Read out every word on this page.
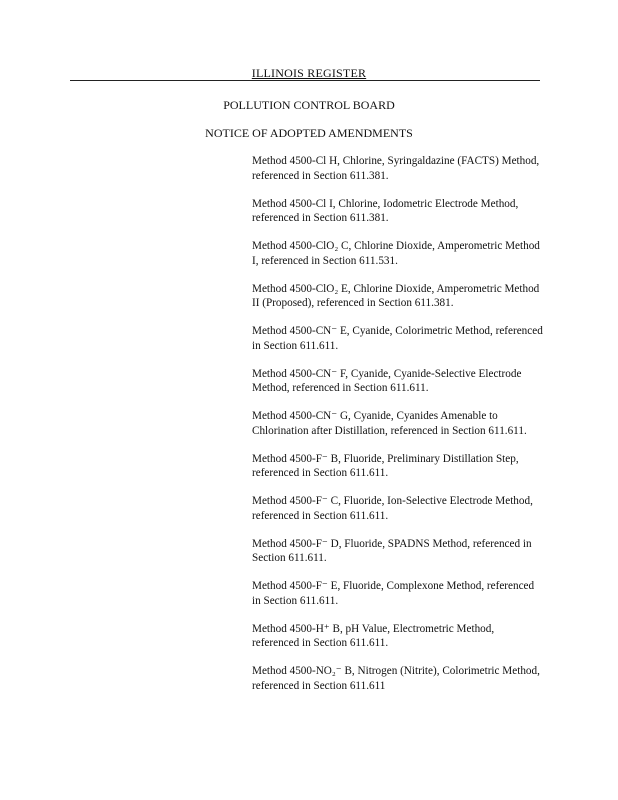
ILLINOIS REGISTER
POLLUTION CONTROL BOARD
NOTICE OF ADOPTED AMENDMENTS
Method 4500-Cl H, Chlorine, Syringaldazine (FACTS) Method, referenced in Section 611.381.
Method 4500-Cl I, Chlorine, Iodometric Electrode Method, referenced in Section 611.381.
Method 4500-ClO₂ C, Chlorine Dioxide, Amperometric Method I, referenced in Section 611.531.
Method 4500-ClO₂ E, Chlorine Dioxide, Amperometric Method II (Proposed), referenced in Section 611.381.
Method 4500-CN⁻ E, Cyanide, Colorimetric Method, referenced in Section 611.611.
Method 4500-CN⁻ F, Cyanide, Cyanide-Selective Electrode Method, referenced in Section 611.611.
Method 4500-CN⁻ G, Cyanide, Cyanides Amenable to Chlorination after Distillation, referenced in Section 611.611.
Method 4500-F⁻ B, Fluoride, Preliminary Distillation Step, referenced in Section 611.611.
Method 4500-F⁻ C, Fluoride, Ion-Selective Electrode Method, referenced in Section 611.611.
Method 4500-F⁻ D, Fluoride, SPADNS Method, referenced in Section 611.611.
Method 4500-F⁻ E, Fluoride, Complexone Method, referenced in Section 611.611.
Method 4500-H⁺ B, pH Value, Electrometric Method, referenced in Section 611.611.
Method 4500-NO₂⁻ B, Nitrogen (Nitrite), Colorimetric Method, referenced in Section 611.611
